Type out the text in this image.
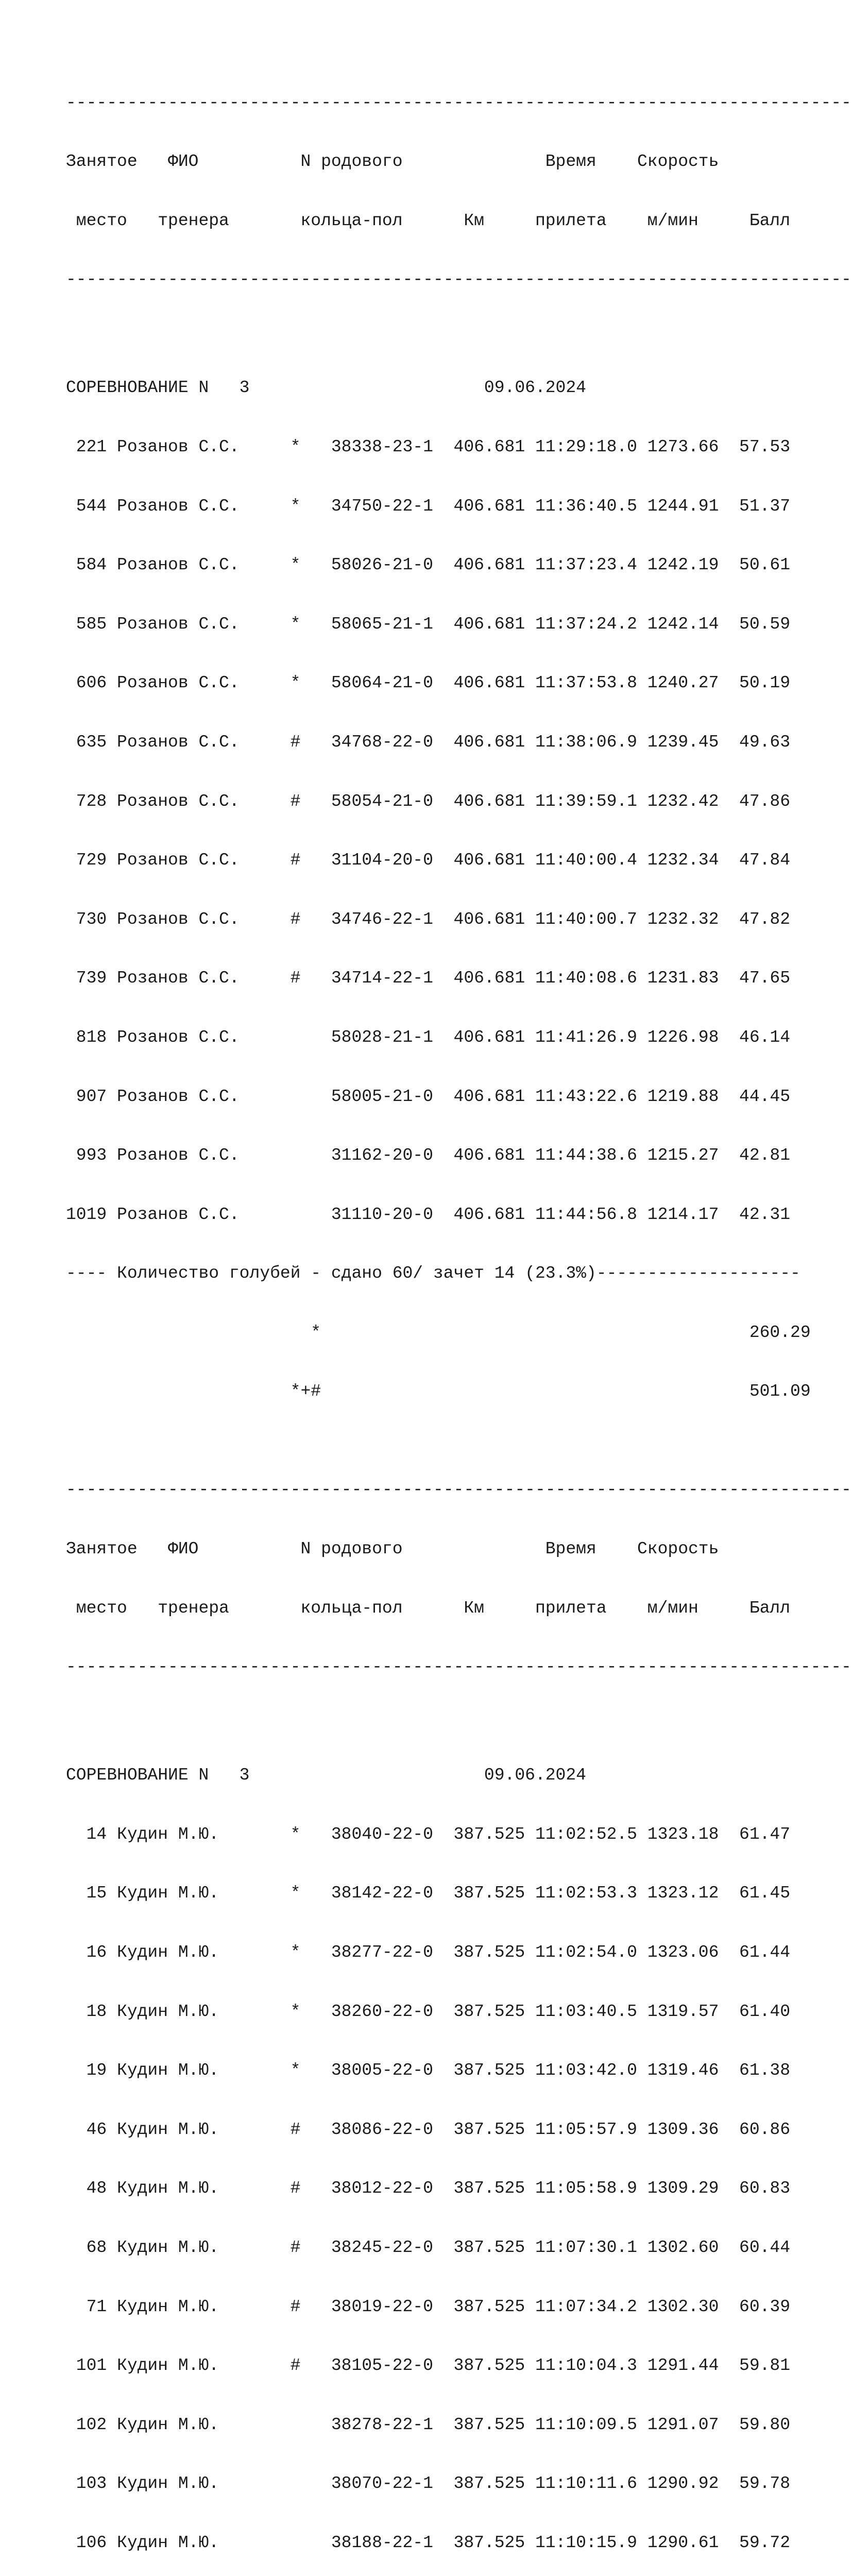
-----------------------------------------------------------------------------

Занятое   ФИО          N родового              Время    Скорость

место   тренера       кольца-пол      Км     прилета    м/мин     Балл

-----------------------------------------------------------------------------

СОРЕВНОВАНИЕ N   3                       09.06.2024

221 Розанов С.С.     *   38338-23-1  406.681 11:29:18.0 1273.66  57.53

544 Розанов С.С.     *   34750-22-1  406.681 11:36:40.5 1244.91  51.37

584 Розанов С.С.     *   58026-21-0  406.681 11:37:23.4 1242.19  50.61

585 Розанов С.С.     *   58065-21-1  406.681 11:37:24.2 1242.14  50.59

606 Розанов С.С.     *   58064-21-0  406.681 11:37:53.8 1240.27  50.19

635 Розанов С.С.     #   34768-22-0  406.681 11:38:06.9 1239.45  49.63

728 Розанов С.С.     #   58054-21-0  406.681 11:39:59.1 1232.42  47.86

729 Розанов С.С.     #   31104-20-0  406.681 11:40:00.4 1232.34  47.84

730 Розанов С.С.     #   34746-22-1  406.681 11:40:00.7 1232.32  47.82

739 Розанов С.С.     #   34714-22-1  406.681 11:40:08.6 1231.83  47.65

818 Розанов С.С.         58028-21-1  406.681 11:41:26.9 1226.98  46.14

907 Розанов С.С.         58005-21-0  406.681 11:43:22.6 1219.88  44.45

993 Розанов С.С.         31162-20-0  406.681 11:44:38.6 1215.27  42.81

1019 Розанов С.С.         31110-20-0  406.681 11:44:56.8 1214.17  42.31

---- Количество голубей - сдано 60/ зачет 14 (23.3%)--------------------

*                                          260.29

*+#                                          501.09

-----------------------------------------------------------------------------

Занятое   ФИО          N родового              Время    Скорость

место   тренера       кольца-пол      Км     прилета    м/мин     Балл

-----------------------------------------------------------------------------

СОРЕВНОВАНИЕ N   3                       09.06.2024

14 Кудин М.Ю.       *   38040-22-0  387.525 11:02:52.5 1323.18  61.47

15 Кудин М.Ю.       *   38142-22-0  387.525 11:02:53.3 1323.12  61.45

16 Кудин М.Ю.       *   38277-22-0  387.525 11:02:54.0 1323.06  61.44

18 Кудин М.Ю.       *   38260-22-0  387.525 11:03:40.5 1319.57  61.40

19 Кудин М.Ю.       *   38005-22-0  387.525 11:03:42.0 1319.46  61.38

46 Кудин М.Ю.       #   38086-22-0  387.525 11:05:57.9 1309.36  60.86

48 Кудин М.Ю.       #   38012-22-0  387.525 11:05:58.9 1309.29  60.83

68 Кудин М.Ю.       #   38245-22-0  387.525 11:07:30.1 1302.60  60.44

71 Кудин М.Ю.       #   38019-22-0  387.525 11:07:34.2 1302.30  60.39

101 Кудин М.Ю.       #   38105-22-0  387.525 11:10:04.3 1291.44  59.81

102 Кудин М.Ю.           38278-22-1  387.525 11:10:09.5 1291.07  59.80

103 Кудин М.Ю.           38070-22-1  387.525 11:10:11.6 1290.92  59.78

106 Кудин М.Ю.           38188-22-1  387.525 11:10:15.9 1290.61  59.72
